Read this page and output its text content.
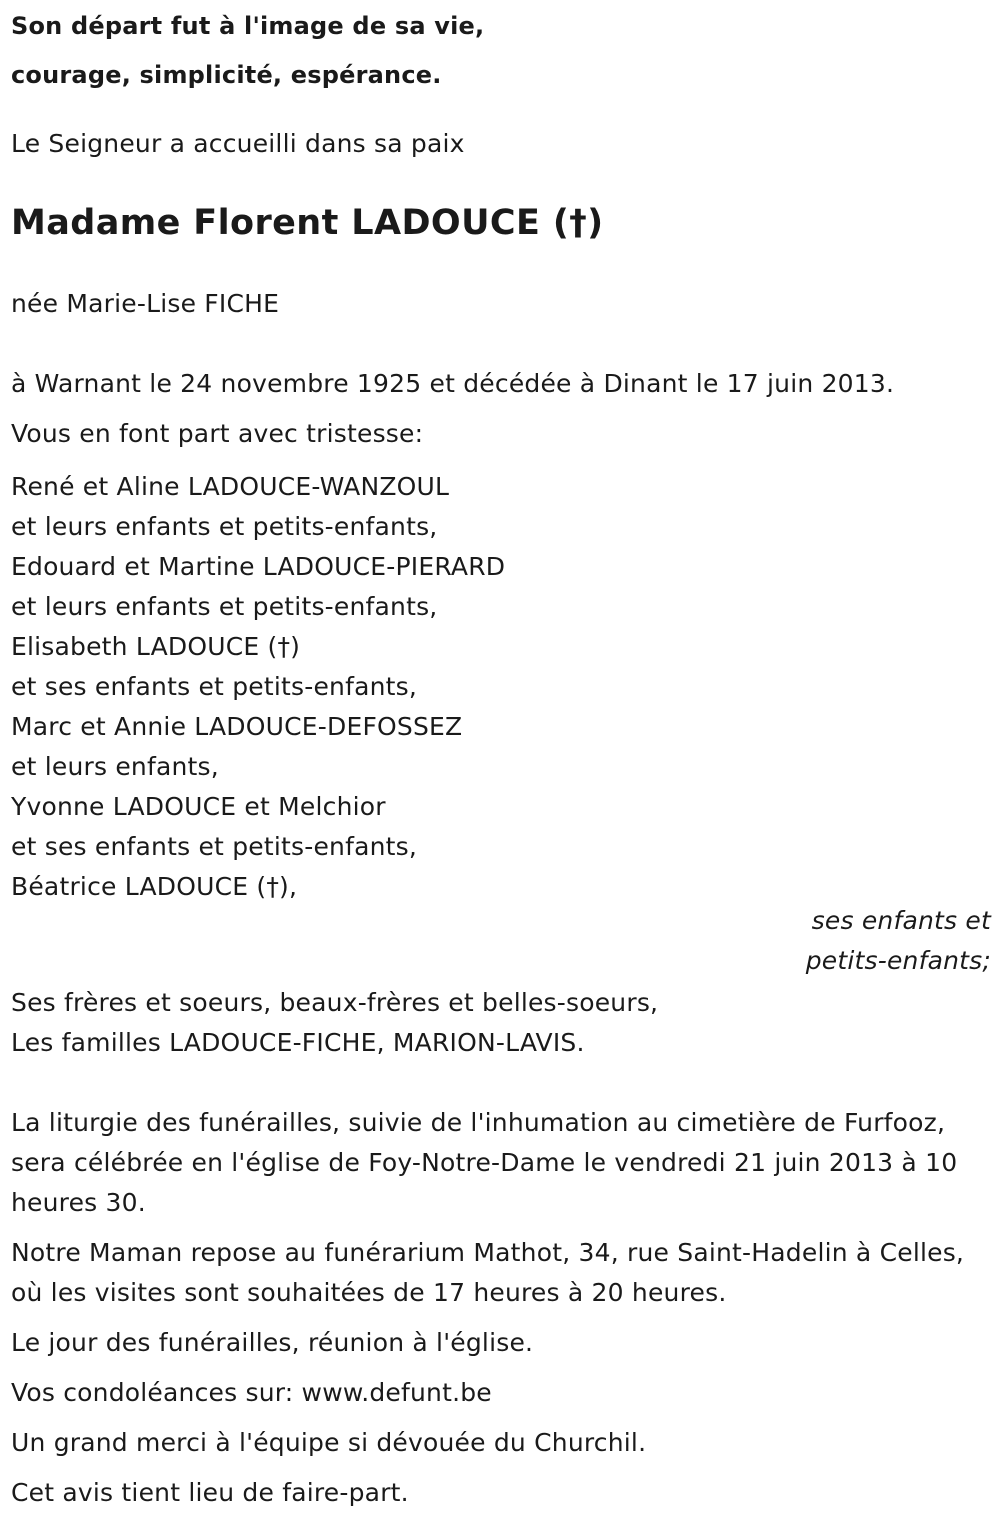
Son départ fut à l'image de sa vie,
courage, simplicité, espérance.
Le Seigneur a accueilli dans sa paix
Madame Florent LADOUCE (†)
née Marie-Lise FICHE
à Warnant le 24 novembre 1925 et décédée à Dinant le 17 juin 2013.
Vous en font part avec tristesse:
René et Aline LADOUCE-WANZOUL
et leurs enfants et petits-enfants,
Edouard et Martine LADOUCE-PIERARD
et leurs enfants et petits-enfants,
Elisabeth LADOUCE (†)
et ses enfants et petits-enfants,
Marc et Annie LADOUCE-DEFOSSEZ
et leurs enfants,
Yvonne LADOUCE et Melchior
et ses enfants et petits-enfants,
Béatrice LADOUCE (†),
ses enfants et
petits-enfants;
Ses frères et soeurs, beaux-frères et belles-soeurs,
Les familles LADOUCE-FICHE, MARION-LAVIS.
La liturgie des funérailles, suivie de l'inhumation au cimetière de Furfooz, sera célébrée en l'église de Foy-Notre-Dame le vendredi 21 juin 2013 à 10 heures 30.
Notre Maman repose au funérarium Mathot, 34, rue Saint-Hadelin à Celles, où les visites sont souhaitées de 17 heures à 20 heures.
Le jour des funérailles, réunion à l'église.
Vos condoléances sur: www.defunt.be
Un grand merci à l'équipe si dévouée du Churchil.
Cet avis tient lieu de faire-part.
